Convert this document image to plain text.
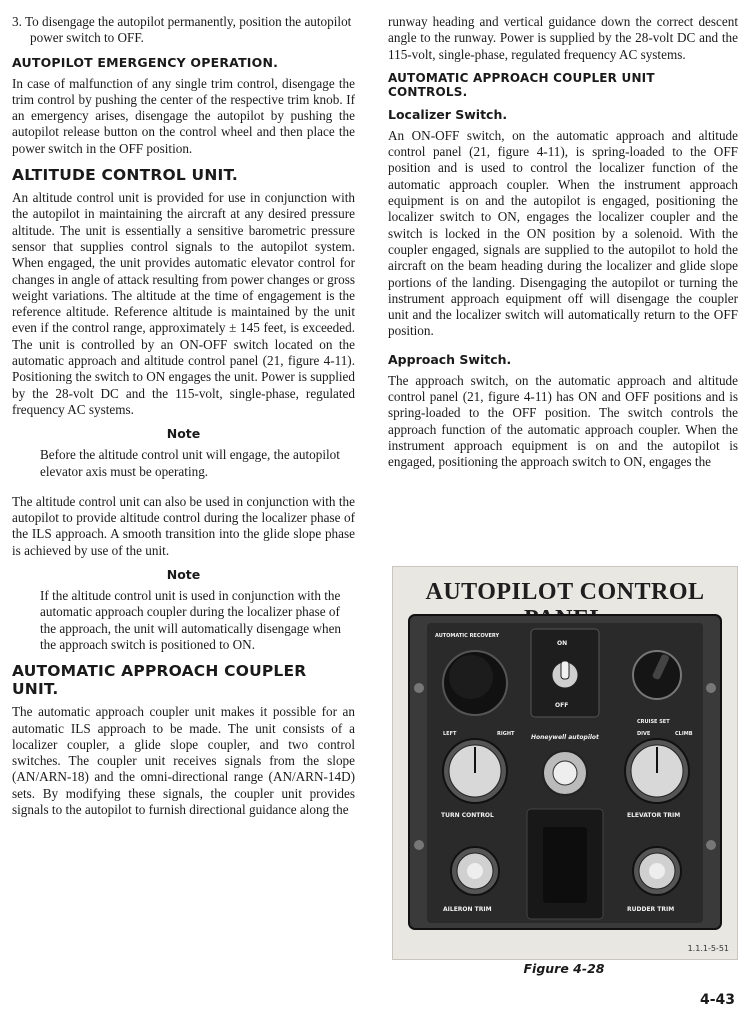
3. To disengage the autopilot permanently, position the autopilot power switch to OFF.

AUTOPILOT EMERGENCY OPERATION.

In case of malfunction of any single trim control, disengage the trim control by pushing the center of the respective trim knob. If an emergency arises, disengage the autopilot by pushing the autopilot release button on the control wheel and then place the power switch in the OFF position.

ALTITUDE CONTROL UNIT.

An altitude control unit is provided for use in conjunction with the autopilot in maintaining the aircraft at any desired pressure altitude. The unit is essentially a sensitive barometric pressure sensor that supplies control signals to the autopilot system. When engaged, the unit provides automatic elevator control for changes in angle of attack resulting from power changes or gross weight variations. The altitude at the time of engagement is the reference altitude. Reference altitude is maintained by the unit even if the control range, approximately ± 145 feet, is exceeded. The unit is controlled by an ON-OFF switch located on the automatic approach and altitude control panel (21, figure 4-11). Positioning the switch to ON engages the unit. Power is supplied by the 28-volt DC and the 115-volt, single-phase, regulated frequency AC systems.

Note

Before the altitude control unit will engage, the autopilot elevator axis must be operating.

The altitude control unit can also be used in conjunction with the autopilot to provide altitude control during the localizer phase of the ILS approach. A smooth transition into the glide slope phase is achieved by use of the unit.

Note

If the altitude control unit is used in conjunction with the automatic approach coupler during the localizer phase of the approach, the unit will automatically disengage when the approach switch is positioned to ON.

AUTOMATIC APPROACH COUPLER UNIT.

The automatic approach coupler unit makes it possible for an automatic ILS approach to be made. The unit consists of a localizer coupler, a glide slope coupler, and two control switches. The coupler unit receives signals from the slope (AN/ARN-18) and the omni-directional range (AN/ARN-14D) sets. By modifying these signals, the coupler unit provides signals to the autopilot to furnish directional guidance along the

runway heading and vertical guidance down the correct descent angle to the runway. Power is supplied by the 28-volt DC and the 115-volt, single-phase, regulated frequency AC systems.

AUTOMATIC APPROACH COUPLER UNIT CONTROLS.
Localizer Switch.

An ON-OFF switch, on the automatic approach and altitude control panel (21, figure 4-11), is spring-loaded to the OFF position and is used to control the localizer function of the automatic approach coupler. When the instrument approach equipment is on and the autopilot is engaged, positioning the localizer switch to ON, engages the localizer coupler and the switch is locked in the ON position by a solenoid. With the coupler engaged, signals are supplied to the autopilot to hold the aircraft on the beam heading during the localizer and glide slope portions of the landing. Disengaging the autopilot or turning the instrument approach equipment off will disengage the coupler unit and the localizer switch will automatically return to the OFF position.

Approach Switch.

The approach switch, on the automatic approach and altitude control panel (21, figure 4-11) has ON and OFF positions and is spring-loaded to the OFF position. The switch controls the approach function of the automatic approach coupler. When the instrument approach equipment is on and the autopilot is engaged, positioning the approach switch to ON, engages the

AUTOPILOT CONTROL
AUTOMATIC RECOVERY
ON
OFF
CRUISE SET
LEFT	RIGHT
TURN CONTROL
Honeywell autopilot	DIVE	CLIMB
ELEVATOR TRIM
AILERON TRIM	RUDDER TRIM
1.1.1-5-51
Figure 4-28
4-43
